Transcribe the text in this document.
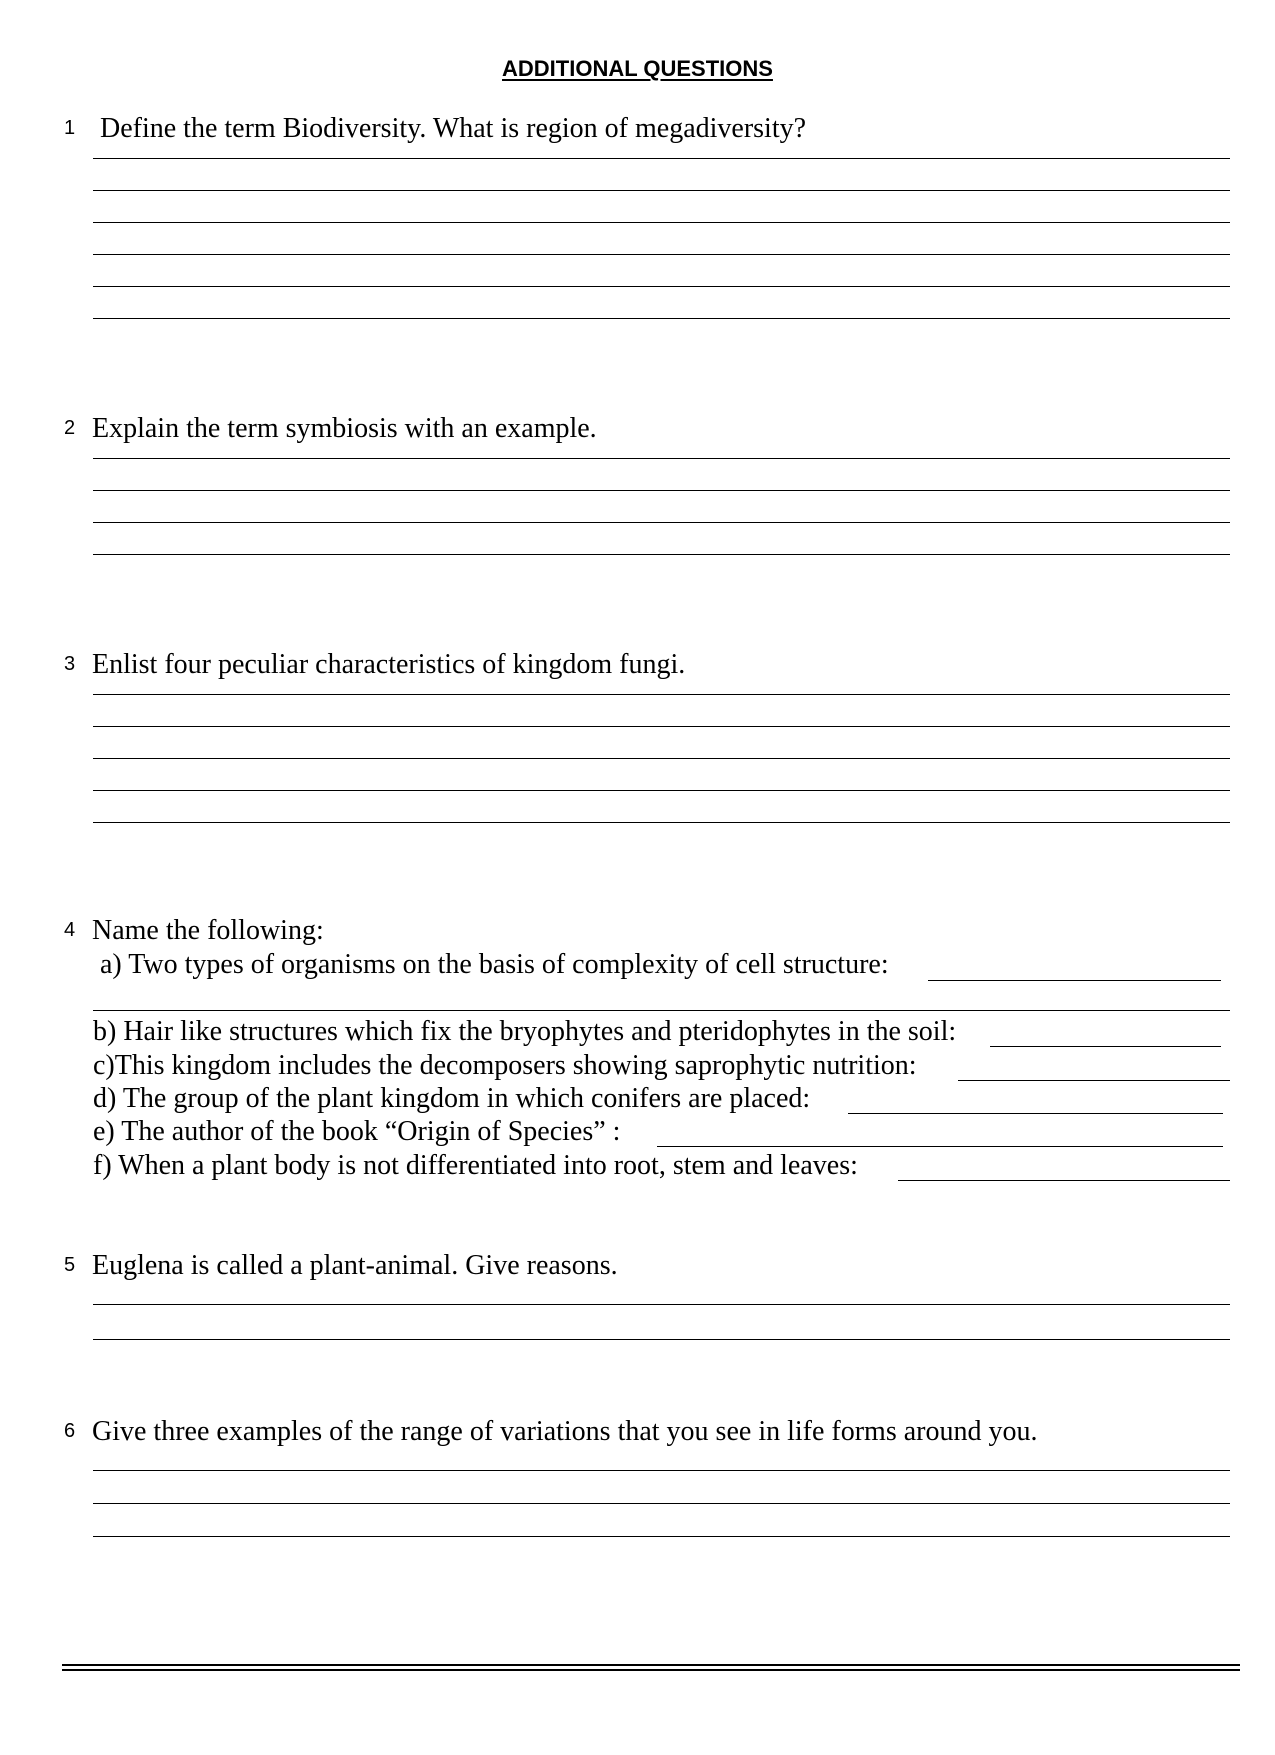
ADDITIONAL QUESTIONS
1 Define the term Biodiversity. What is region of megadiversity?
2 Explain the term symbiosis with an example.
3 Enlist four peculiar characteristics of kingdom fungi.
4 Name the following:
a) Two types of organisms on the basis of complexity of cell structure:
b) Hair like structures which fix the bryophytes and pteridophytes in the soil:
c)This kingdom includes the decomposers showing saprophytic nutrition:
d) The group of the plant kingdom in which conifers are placed:
e) The author of the book “Origin of Species” :
f) When a plant body is not differentiated into root, stem and leaves:
5 Euglena is called a plant-animal. Give reasons.
6 Give three examples of the range of variations that you see in life forms around you.
